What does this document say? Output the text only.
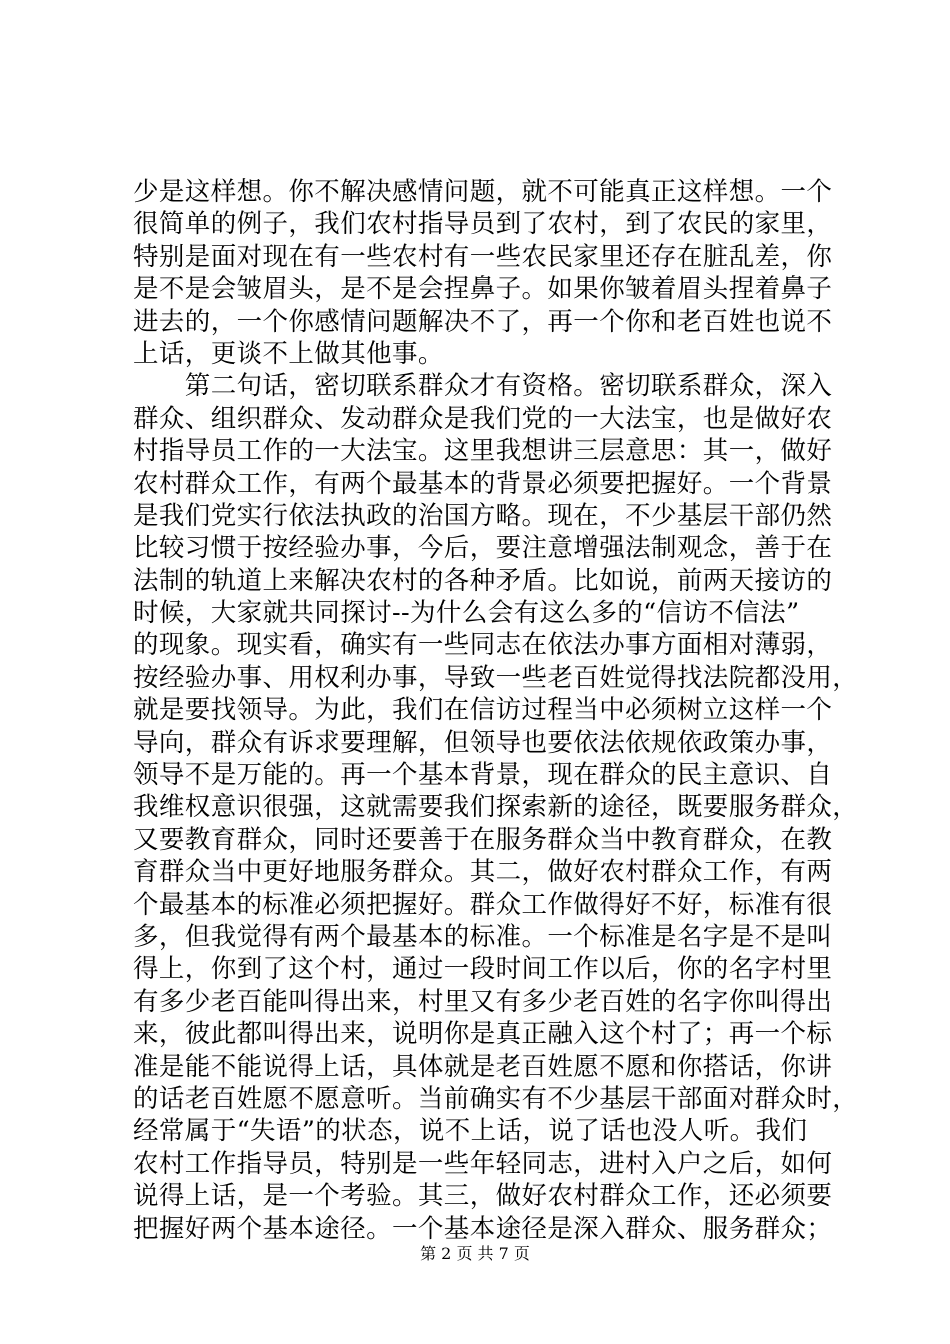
少是这样想。你不解决感情问题，就不可能真正这样想。一个
很简单的例子，我们农村指导员到了农村，到了农民的家里，
特别是面对现在有一些农村有一些农民家里还存在脏乱差，你
是不是会皱眉头，是不是会捏鼻子。如果你皱着眉头捏着鼻子
进去的，一个你感情问题解决不了，再一个你和老百姓也说不
上话，更谈不上做其他事。
　　第二句话，密切联系群众才有资格。密切联系群众，深入
群众、组织群众、发动群众是我们党的一大法宝，也是做好农
村指导员工作的一大法宝。这里我想讲三层意思：其一，做好
农村群众工作，有两个最基本的背景必须要把握好。一个背景
是我们党实行依法执政的治国方略。现在，不少基层干部仍然
比较习惯于按经验办事，今后，要注意增强法制观念，善于在
法制的轨道上来解决农村的各种矛盾。比如说，前两天接访的
时候，大家就共同探讨--为什么会有这么多的“信访不信法”
的现象。现实看，确实有一些同志在依法办事方面相对薄弱，
按经验办事、用权利办事，导致一些老百姓觉得找法院都没用，
就是要找领导。为此，我们在信访过程当中必须树立这样一个
导向，群众有诉求要理解，但领导也要依法依规依政策办事，
领导不是万能的。再一个基本背景，现在群众的民主意识、自
我维权意识很强，这就需要我们探索新的途径，既要服务群众，
又要教育群众，同时还要善于在服务群众当中教育群众，在教
育群众当中更好地服务群众。其二，做好农村群众工作，有两
个最基本的标准必须把握好。群众工作做得好不好，标准有很
多，但我觉得有两个最基本的标准。一个标准是名字是不是叫
得上，你到了这个村，通过一段时间工作以后，你的名字村里
有多少老百能叫得出来，村里又有多少老百姓的名字你叫得出
来，彼此都叫得出来，说明你是真正融入这个村了；再一个标
准是能不能说得上话，具体就是老百姓愿不愿和你搭话，你讲
的话老百姓愿不愿意听。当前确实有不少基层干部面对群众时，
经常属于“失语”的状态，说不上话，说了话也没人听。我们
农村工作指导员，特别是一些年轻同志，进村入户之后，如何
说得上话，是一个考验。其三，做好农村群众工作，还必须要
把握好两个基本途径。一个基本途径是深入群众、服务群众；
第 2 页 共 7 页
